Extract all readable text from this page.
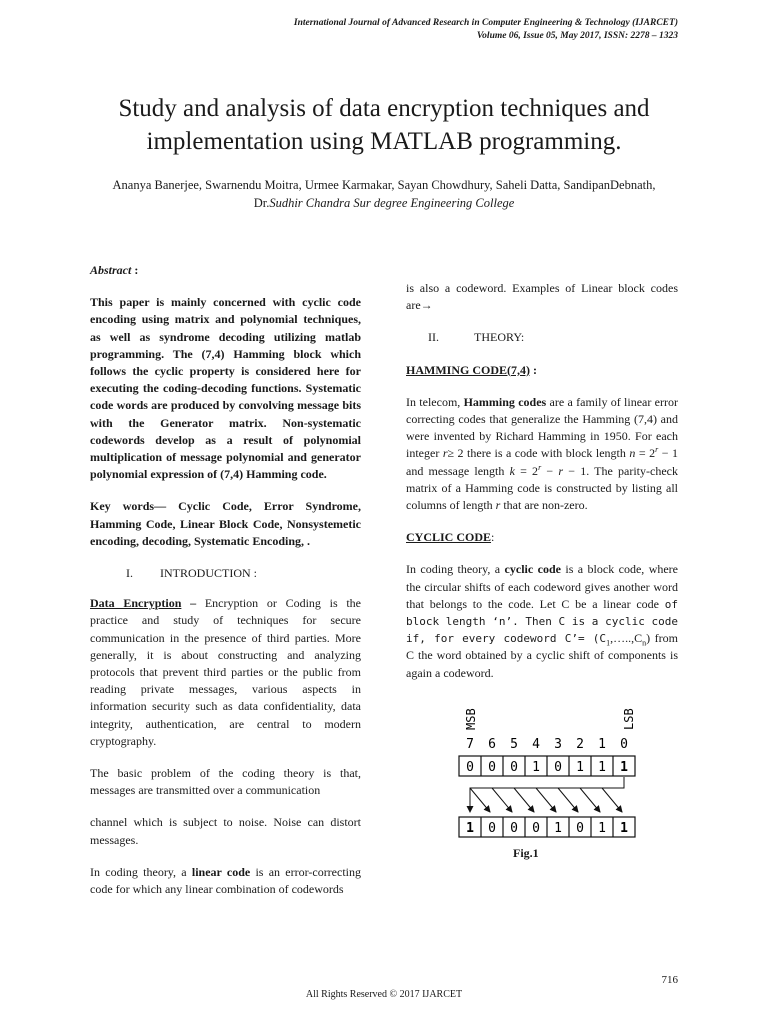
International Journal of Advanced Research in Computer Engineering & Technology (IJARCET)
Volume 06, Issue 05, May 2017, ISSN: 2278 – 1323
Study and analysis of data encryption techniques and
implementation using MATLAB programming.
Ananya Banerjee, Swarnendu Moitra, Urmee Karmakar, Sayan Chowdhury, Saheli Datta, SandipanDebnath,
Dr.Sudhir Chandra Sur degree Engineering College

Abstract :

This paper is mainly concerned with cyclic code encoding using matrix and polynomial techniques, as well as syndrome decoding utilizing matlab programming. The (7,4) Hamming block which follows the cyclic property is considered here for executing the coding-decoding functions. Systematic code words are produced by convolving message bits with the Generator matrix. Non-systematic codewords develop as a result of polynomial multiplication of message polynomial and generator polynomial expression of (7,4) Hamming code.

Key words— Cyclic Code, Error Syndrome, Hamming Code, Linear Block Code, Nonsystemetic encoding, decoding, Systematic Encoding, .

I. INTRODUCTION :

Data Encryption – Encryption or Coding is the practice and study of techniques for secure communication in the presence of third parties. More generally, it is about constructing and analyzing protocols that prevent third parties or the public from reading private messages, various aspects in information security such as data confidentiality, data integrity, authentication, are central to modern cryptography.

The basic problem of the coding theory is that, messages are transmitted over a communication

channel which is subject to noise. Noise can distort messages.

In coding theory, a linear code is an error-correcting code for which any linear combination of codewords

is also a codeword. Examples of Linear block codes are→

II.	THEORY:

HAMMING CODE(7,4) :

In telecom, Hamming codes are a family of linear error correcting codes that generalize the Hamming (7,4) and were invented by Richard Hamming in 1950. For each integer r≥ 2 there is a code with block length $n = 2^r - 1$ and message length $k = 2^r - r - 1$. The parity-check matrix of a Hamming code is constructed by listing all columns of length r that are non-zero.

CYCLIC CODE:

In coding theory, a cyclic code is a block code, where the circular shifts of each codeword gives another word that belongs to the code. Let C be a linear code of block length ‘n’. Then C is a cyclic code if, for every codeword C’= $(C_1,\dots..,C_n)$ from C the word obtained by a cyclic shift of components is again a codeword.

MSB	LSB
7 6 5 4 3 2 1 0
0 0 0 1 0 1 1 1
1 0 0 0 1 0 1 1
Fig.1
716
All Rights Reserved © 2017 IJARCET
